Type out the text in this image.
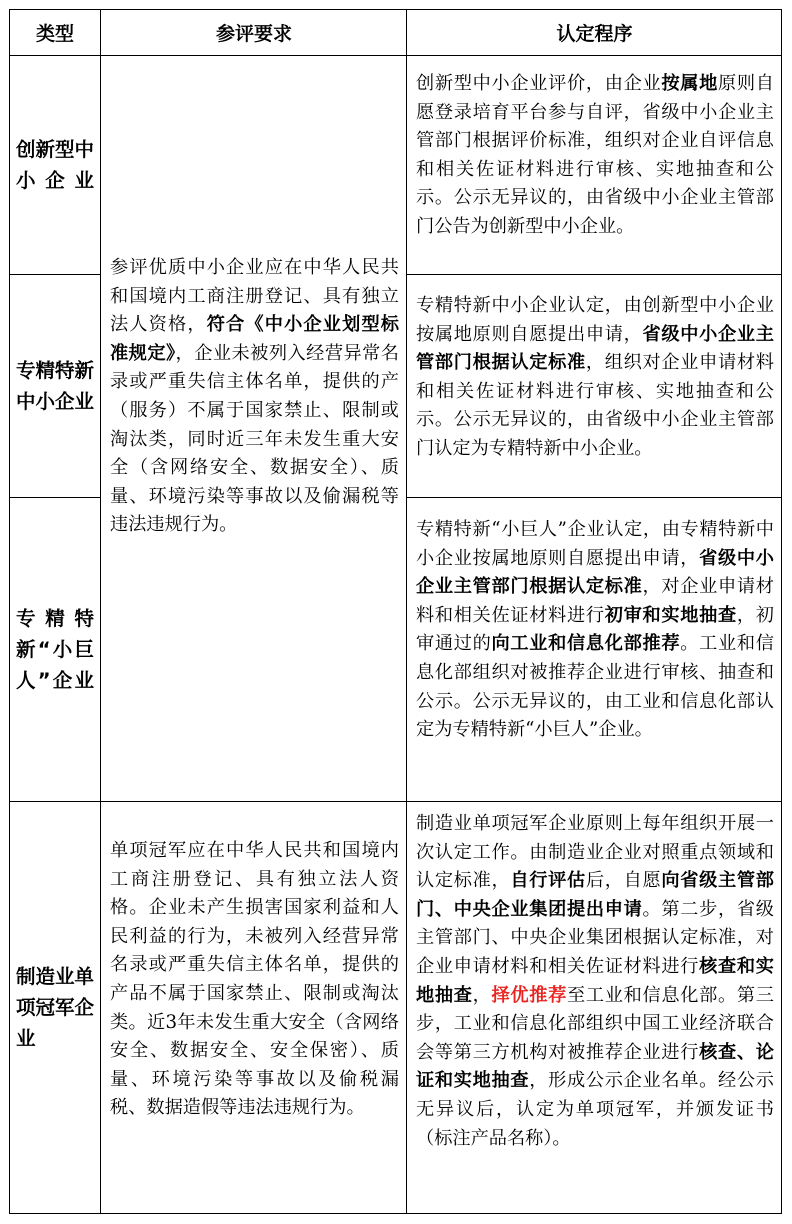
类型	参评要求	认定程序
创新型中小企业
专精特新中小企业
专精特新“小巨人”企业
制造业单项冠军企业
参评优质中小企业应在中华人民共和国境内工商注册登记、具有独立法人资格，符合《中小企业划型标准规定》，企业未被列入经营异常名录或严重失信主体名单，提供的产（服务）不属于国家禁止、限制或淘汰类，同时近三年未发生重大安全（含网络安全、数据安全）、质量、环境污染等事故以及偷漏税等违法违规行为。
单项冠军应在中华人民共和国境内工商注册登记、具有独立法人资格。企业未产生损害国家利益和人民利益的行为，未被列入经营异常名录或严重失信主体名单，提供的产品不属于国家禁止、限制或淘汰类。近3年未发生重大安全（含网络安全、数据安全、安全保密）、质量、环境污染等事故以及偷税漏税、数据造假等违法违规行为。
创新型中小企业评价，由企业按属地原则自愿登录培育平台参与自评，省级中小企业主管部门根据评价标准，组织对企业自评信息和相关佐证材料进行审核、实地抽查和公示。公示无异议的，由省级中小企业主管部门公告为创新型中小企业。
专精特新中小企业认定，由创新型中小企业按属地原则自愿提出申请，省级中小企业主管部门根据认定标准，组织对企业申请材料和相关佐证材料进行审核、实地抽查和公示。公示无异议的，由省级中小企业主管部门认定为专精特新中小企业。
专精特新“小巨人”企业认定，由专精特新中小企业按属地原则自愿提出申请，省级中小企业主管部门根据认定标准，对企业申请材料和相关佐证材料进行初审和实地抽查，初审通过的向工业和信息化部推荐。工业和信息化部组织对被推荐企业进行审核、抽查和公示。公示无异议的，由工业和信息化部认定为专精特新“小巨人”企业。
制造业单项冠军企业原则上每年组织开展一次认定工作。由制造业企业对照重点领域和认定标准，自行评估后，自愿向省级主管部门、中央企业集团提出申请。第二步，省级主管部门、中央企业集团根据认定标准，对企业申请材料和相关佐证材料进行核查和实地抽查，择优推荐至工业和信息化部。第三步，工业和信息化部组织中国工业经济联合会等第三方机构对被推荐企业进行核查、论证和实地抽查，形成公示企业名单。经公示无异议后，认定为单项冠军，并颁发证书（标注产品名称）。
